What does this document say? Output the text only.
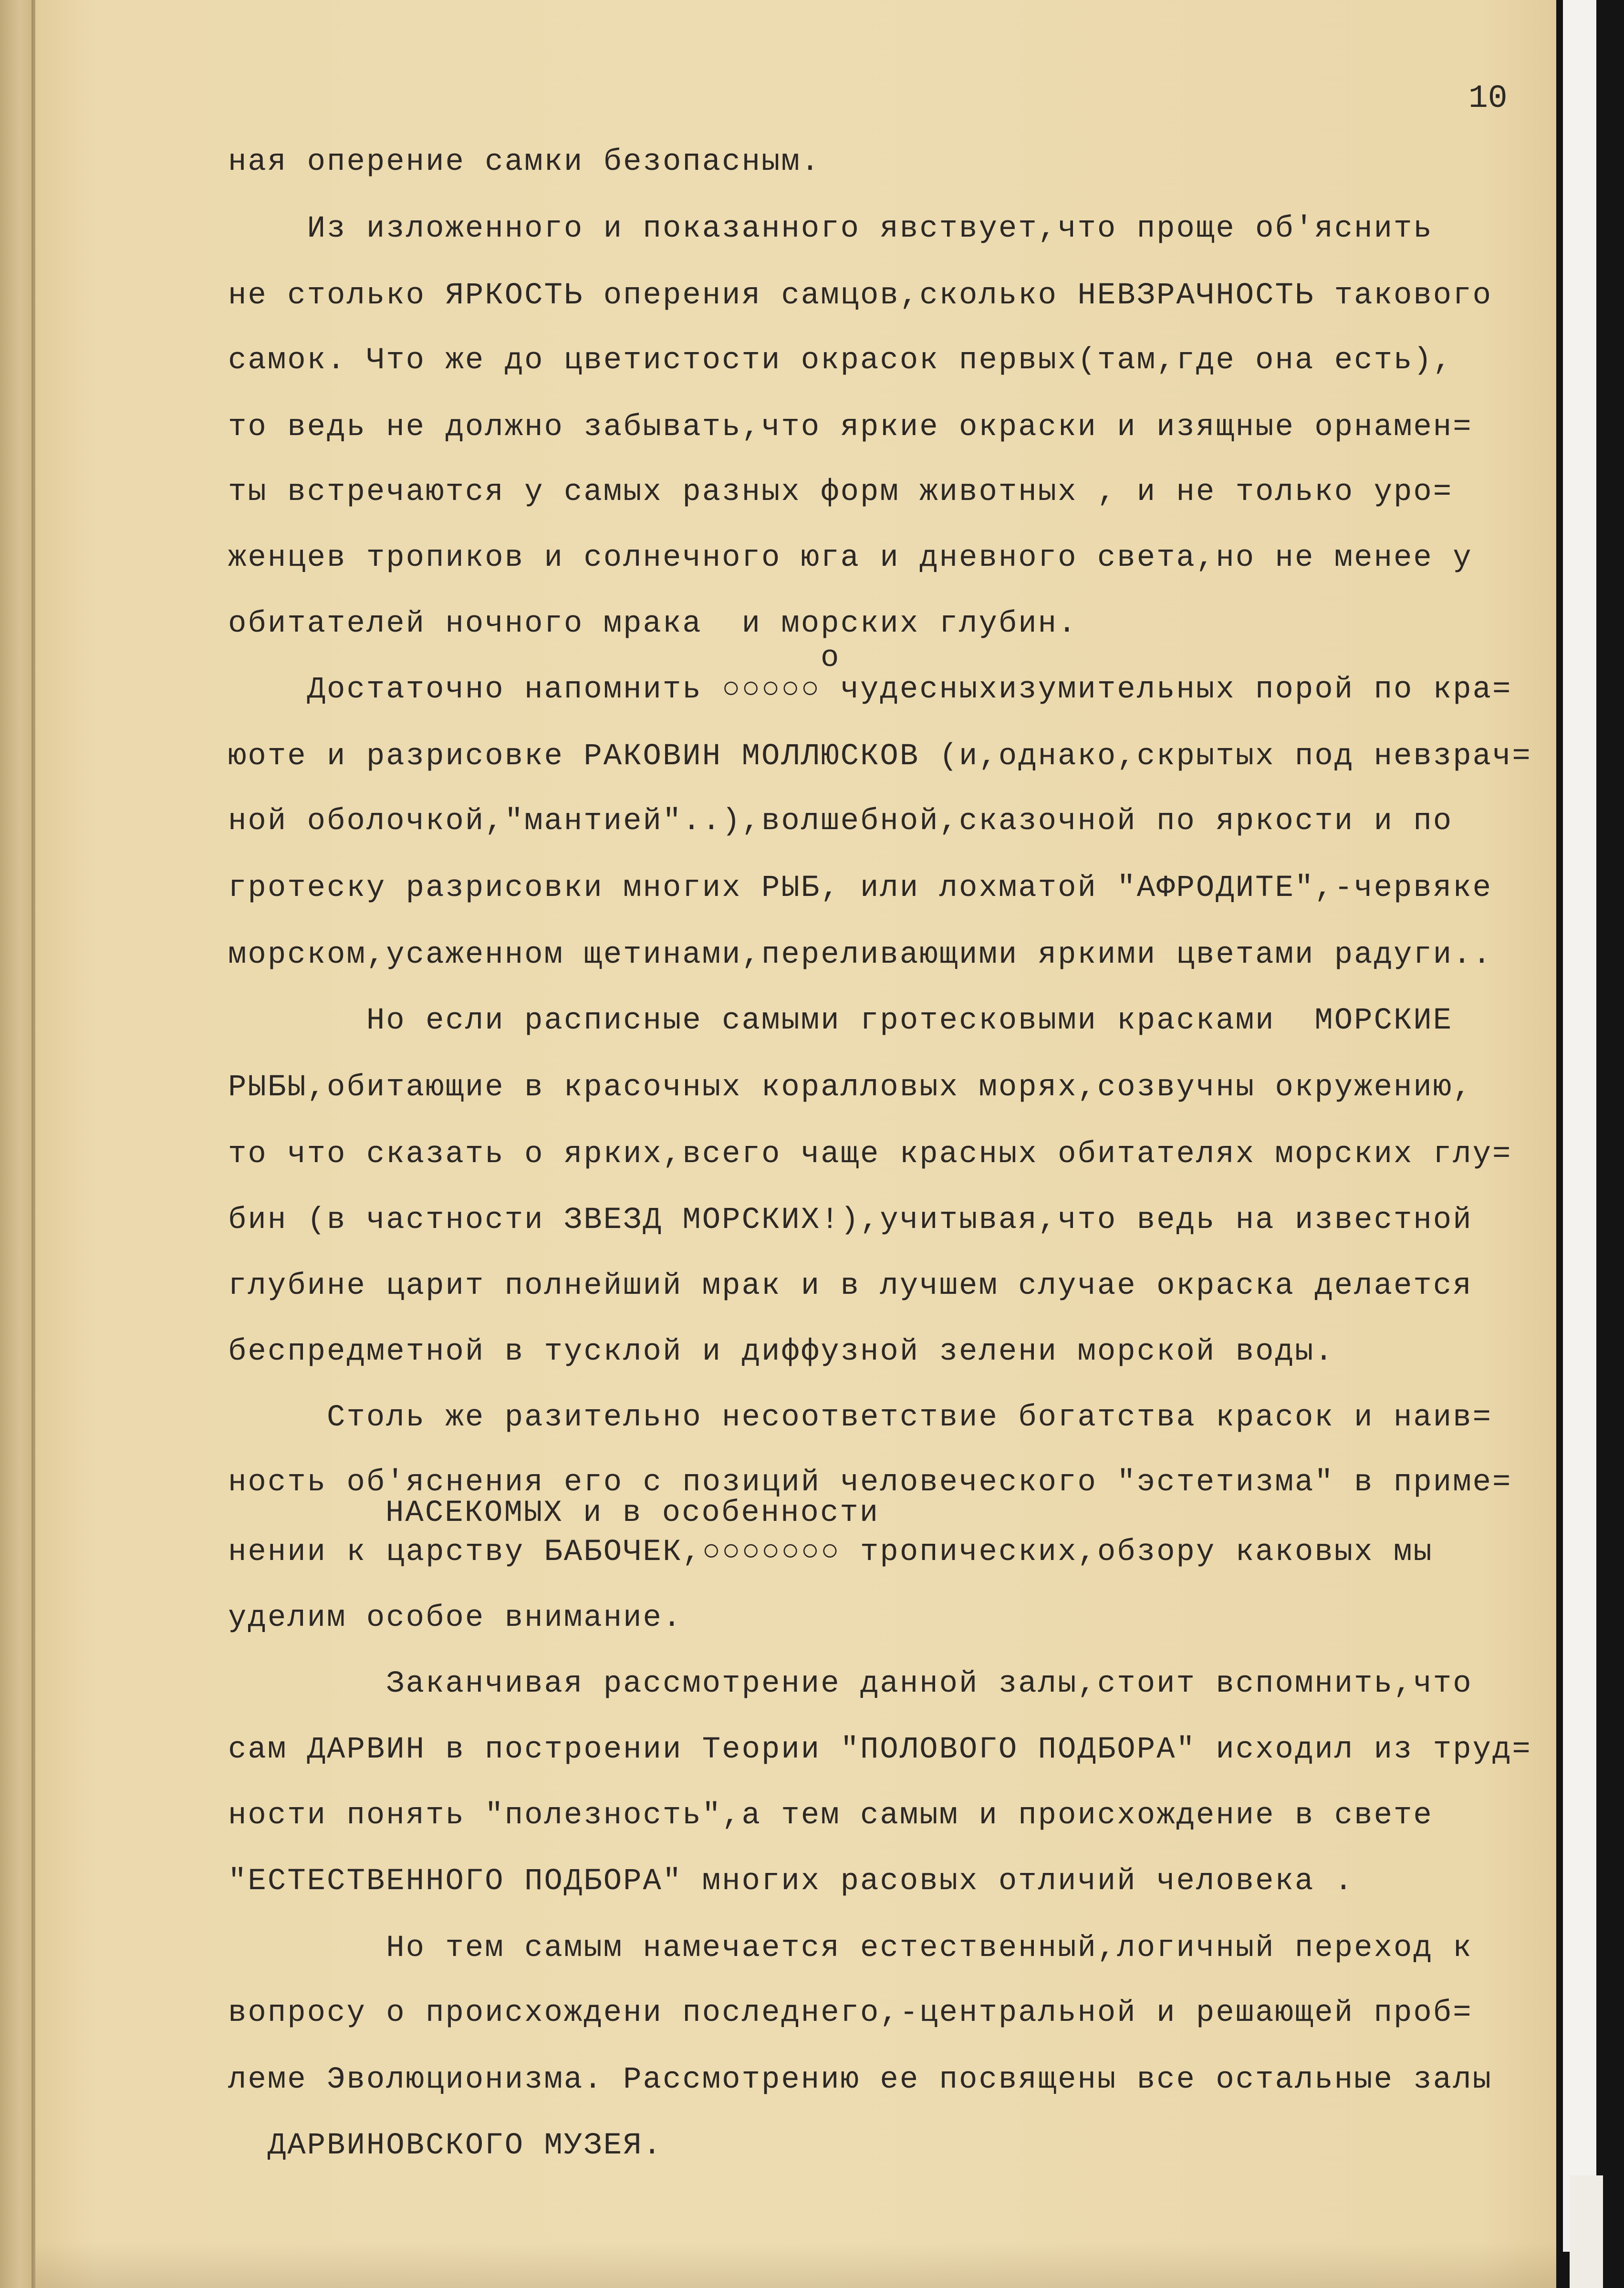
10
ная оперение самки безопасным.
Из изложенного и показанного явствует,что проще об'яснить
не столько ЯРКОСТЬ оперения самцов,сколько НЕВЗРАЧНОСТЬ такового
самок. Что же до цветистости окрасок первых(там,где она есть),
то ведь не должно забывать,что яркие окраски и изящные орнамен=
ты встречаются у самых разных форм животных , и не только уро=
женцев тропиков и солнечного юга и дневного света,но не менее у
обитателей ночного мрака  и морских глубин.
о
Достаточно напомнить ○○○○○ чудесныхизумительных порой по кра=
юоте и разрисовке РАКОВИН МОЛЛЮСКОВ (и,однако,скрытых под невзрач=
ной оболочкой,"мантией"..),волшебной,сказочной по яркости и по
гротеску разрисовки многих РЫБ, или лохматой "АФРОДИТЕ",-червяке
морском,усаженном щетинами,переливающими яркими цветами радуги..
Но если расписные самыми гротесковыми красками  МОРСКИЕ
РЫБЫ,обитающие в красочных коралловых морях,созвучны окружению,
то что сказать о ярких,всего чаще красных обитателях морских глу=
бин (в частности ЗВЕЗД МОРСКИХ!),учитывая,что ведь на известной
глубине царит полнейший мрак и в лучшем случае окраска делается
беспредметной в тусклой и диффузной зелени морской воды.
Столь же разительно несоответствие богатства красок и наив=
ность об'яснения его с позиций человеческого "эстетизма" в приме=
НАСЕКОМЫХ и в особенности
нении к царству БАБОЧЕК,○○○○○○○ тропических,обзору каковых мы
уделим особое внимание.
Заканчивая рассмотрение данной залы,стоит вспомнить,что
сам ДАРВИН в построении Теории "ПОЛОВОГО ПОДБОРА" исходил из труд=
ности понять "полезность",а тем самым и происхождение в свете
"ЕСТЕСТВЕННОГО ПОДБОРА" многих расовых отличий человека .
Но тем самым намечается естественный,логичный переход к
вопросу о происхождени последнего,-центральной и решающей проб=
леме Эволюционизма. Рассмотрению ее посвящены все остальные залы
ДАРВИНОВСКОГО МУЗЕЯ.
